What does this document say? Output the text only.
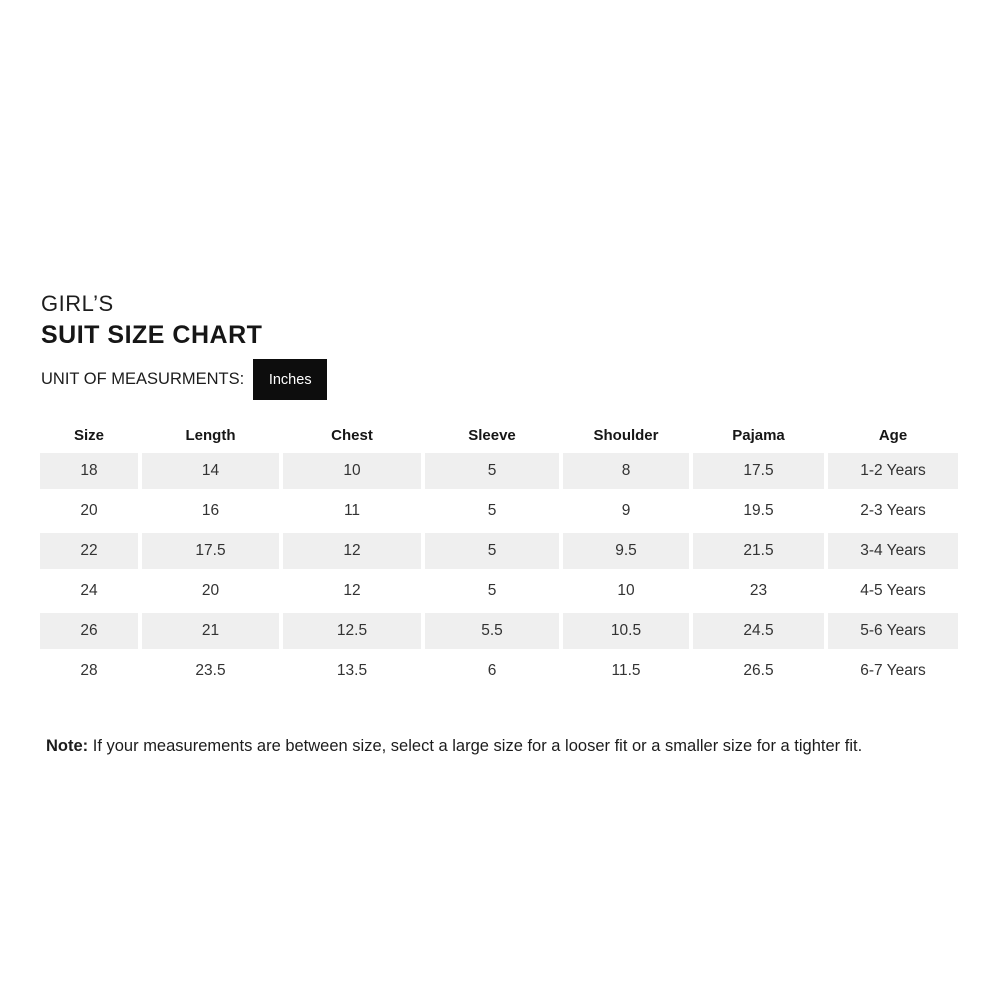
GIRL’S
SUIT SIZE CHART
UNIT OF MEASURMENTS:	Inches
Size	Length	Chest	Sleeve	Shoulder	Pajama	Age
18	14	10	5	8	17.5	1-2 Years
20	16	11	5	9	19.5	2-3 Years
22	17.5	12	5	9.5	21.5	3-4 Years
24	20	12	5	10	23	4-5 Years
26	21	12.5	5.5	10.5	24.5	5-6 Years
28	23.5	13.5	6	11.5	26.5	6-7 Years

Note: If your measurements are between size, select a large size for a looser fit or a smaller size for a tighter fit.
